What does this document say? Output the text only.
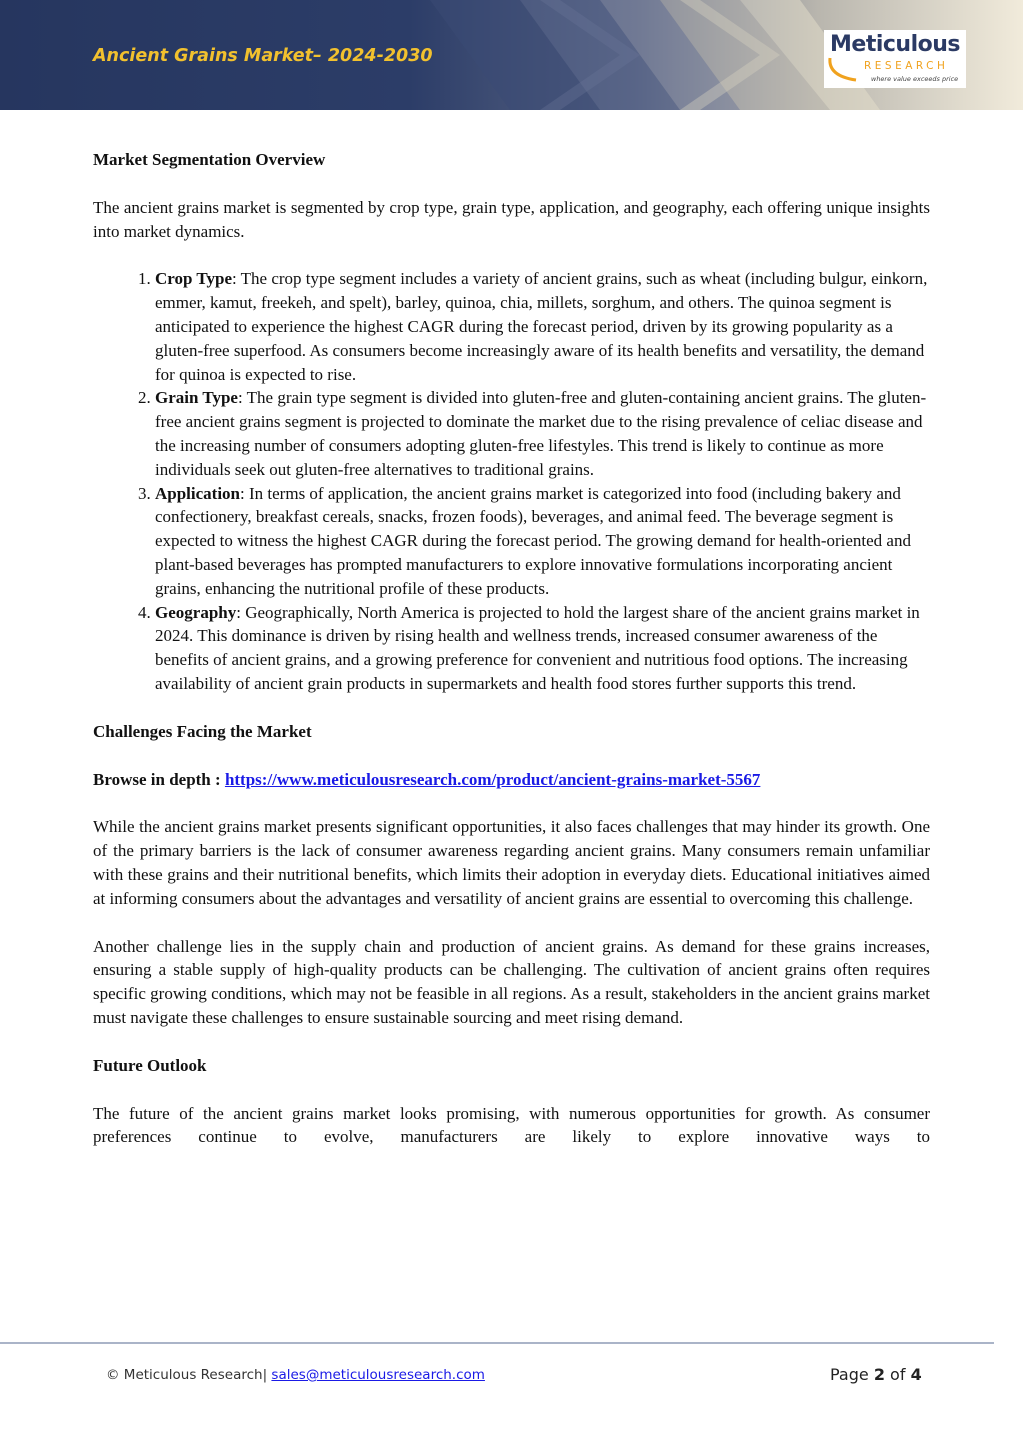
Ancient Grains Market– 2024-2030	Meticulous
RESEARCH
where value exceeds price

Market Segmentation Overview

The ancient grains market is segmented by crop type, grain type, application, and geography, each offering unique insights into market dynamics.

1. Crop Type: The crop type segment includes a variety of ancient grains, such as wheat (including bulgur, einkorn, emmer, kamut, freekeh, and spelt), barley, quinoa, chia, millets, sorghum, and others. The quinoa segment is anticipated to experience the highest CAGR during the forecast period, driven by its growing popularity as a gluten-free superfood. As consumers become increasingly aware of its health benefits and versatility, the demand for quinoa is expected to rise.
2. Grain Type: The grain type segment is divided into gluten-free and gluten-containing ancient grains. The gluten-free ancient grains segment is projected to dominate the market due to the rising prevalence of celiac disease and the increasing number of consumers adopting gluten-free lifestyles. This trend is likely to continue as more individuals seek out gluten-free alternatives to traditional grains.
3. Application: In terms of application, the ancient grains market is categorized into food (including bakery and confectionery, breakfast cereals, snacks, frozen foods), beverages, and animal feed. The beverage segment is expected to witness the highest CAGR during the forecast period. The growing demand for health-oriented and plant-based beverages has prompted manufacturers to explore innovative formulations incorporating ancient grains, enhancing the nutritional profile of these products.
4. Geography: Geographically, North America is projected to hold the largest share of the ancient grains market in 2024. This dominance is driven by rising health and wellness trends, increased consumer awareness of the benefits of ancient grains, and a growing preference for convenient and nutritious food options. The increasing availability of ancient grain products in supermarkets and health food stores further supports this trend.

Challenges Facing the Market

Browse in depth : https://www.meticulousresearch.com/product/ancient-grains-market-5567

While the ancient grains market presents significant opportunities, it also faces challenges that may hinder its growth. One of the primary barriers is the lack of consumer awareness regarding ancient grains. Many consumers remain unfamiliar with these grains and their nutritional benefits, which limits their adoption in everyday diets. Educational initiatives aimed at informing consumers about the advantages and versatility of ancient grains are essential to overcoming this challenge.

Another challenge lies in the supply chain and production of ancient grains. As demand for these grains increases, ensuring a stable supply of high-quality products can be challenging. The cultivation of ancient grains often requires specific growing conditions, which may not be feasible in all regions. As a result, stakeholders in the ancient grains market must navigate these challenges to ensure sustainable sourcing and meet rising demand.

Future Outlook

The future of the ancient grains market looks promising, with numerous opportunities for growth. As consumer preferences continue to evolve, manufacturers are likely to explore innovative ways to

© Meticulous Research| sales@meticulousresearch.com	Page 2 of 4
